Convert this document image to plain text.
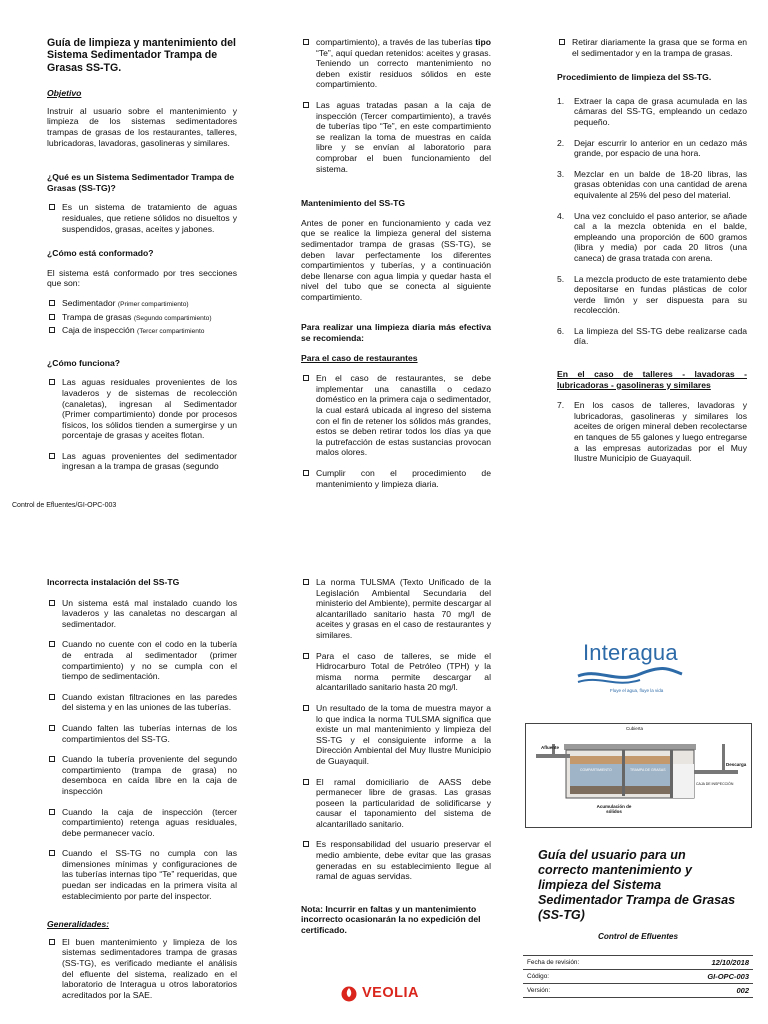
Guía de limpieza y mantenimiento del Sistema Sedimentador Trampa de Grasas SS-TG.
Objetivo

Instruir al usuario sobre el mantenimiento y limpieza de los sistemas sedimentadores trampas de grasas de los restaurantes, talleres, lubricadoras, lavadoras, gasolineras y similares.

¿Qué es un Sistema Sedimentador Trampa de Grasas (SS-TG)?
Es un sistema de tratamiento de aguas residuales, que retiene sólidos no disueltos y suspendidos, grasas, aceites y jabones.
¿Cómo está conformado?

El sistema está conformado por tres secciones que son:

Sedimentador (Primer compartimiento)
Trampa de grasas (Segundo compartimiento)
Caja de inspección (Tercer compartimiento
¿Cómo funciona?
Las aguas residuales provenientes de los lavaderos y de sistemas de recolección (canaletas), ingresan al Sedimentador (Primer compartimiento) donde por procesos físicos, los sólidos tienden a sumergirse y un porcentaje de grasas y aceites flotan.
Las aguas provenientes del sedimentador ingresan a la trampa de grasas (segundo
Control de Efluentes/GI-OPC-003
compartimiento), a través de las tuberías tipo “Te”, aquí quedan retenidos: aceites y grasas. Teniendo un correcto mantenimiento no deben existir residuos sólidos en este compartimiento.
Las aguas tratadas pasan a la caja de inspección (Tercer compartimiento), a través de tuberías tipo “Te”, en este compartimiento se realizan la toma de muestras en caída libre y se envían al laboratorio para comprobar el buen funcionamiento del sistema.
Mantenimiento del SS-TG

Antes de poner en funcionamiento y cada vez que se realice la limpieza general del sistema sedimentador trampa de grasas (SS-TG), se deben lavar perfectamente los diferentes compartimientos y tuberías, y a continuación debe llenarse con agua limpia y quedar hasta el nivel del tubo que se conecta al siguiente compartimiento.

Para realizar una limpieza diaria más efectiva se recomienda:
Para el caso de restaurantes
En el caso de restaurantes, se debe implementar una canastilla o cedazo doméstico en la primera caja o sedimentador, la cual estará ubicada al ingreso del sistema con el fin de retener los sólidos más grandes, estos se deben retirar todos los días ya que la putrefacción de estas sustancias provocan malos olores.
Cumplir con el procedimiento de mantenimiento y limpieza diaria.
Retirar diariamente la grasa que se forma en el sedimentador y en la trampa de grasas.
Procedimiento de limpieza del SS-TG.
1. Extraer la capa de grasa acumulada en las cámaras del SS-TG, empleando un cedazo pequeño.
2. Dejar escurrir lo anterior en un cedazo más grande, por espacio de una hora.
3. Mezclar en un balde de 18-20 libras, las grasas obtenidas con una cantidad de arena equivalente al 25% del peso del material.
4. Una vez concluido el paso anterior, se añade cal a la mezcla obtenida en el balde, empleando una proporción de 600 gramos (libra y media) por cada 20 litros (una caneca) de grasa tratada con arena.
5. La mezcla producto de este tratamiento debe depositarse en fundas plásticas de color verde limón y ser dispuesta para su recolección.
6. La limpieza del SS-TG debe realizarse cada día.
En el caso de talleres - lavadoras - lubricadoras - gasolineras y similares
7. En los casos de talleres, lavadoras y lubricadoras, gasolineras y similares los aceites de origen mineral deben recolectarse en tanques de 55 galones y luego entregarse a las empresas autorizadas por el Muy Ilustre Municipio de Guayaquil.
Incorrecta instalación del SS-TG
Un sistema está mal instalado cuando los lavaderos y las canaletas no descargan al sedimentador.
Cuando no cuente con el codo en la tubería de entrada al sedimentador (primer compartimiento) y no se cumpla con el tiempo de sedimentación.
Cuando existan filtraciones en las paredes del sistema y en las uniones de las tuberías.
Cuando falten las tuberías internas de los compartimientos del SS-TG.
Cuando la tubería proveniente del segundo compartimiento (trampa de grasa) no desemboca en caída libre en la caja de inspección
Cuando la caja de inspección (tercer compartimiento) retenga aguas residuales, debe permanecer vacío.
Cuando el SS-TG no cumpla con las dimensiones mínimas y configuraciones de las tuberías internas tipo “Te” requeridas, que puedan ser indicadas en la primera visita al establecimiento por parte del inspector.
Generalidades:
El buen mantenimiento y limpieza de los sistemas sedimentadores trampa de grasas (SS-TG), es verificado mediante el análisis del efluente del sistema, realizado en el laboratorio de Interagua u otros laboratorios acreditados por la SAE.
La norma TULSMA (Texto Unificado de la Legislación Ambiental Secundaria del ministerio del Ambiente), permite descargar al alcantarillado sanitario hasta 70 mg/l de aceites y grasas en el caso de restaurantes y similares.
Para el caso de talleres, se mide el Hidrocarburo Total de Petróleo (TPH) y la misma norma permite descargar al alcantarillado sanitario hasta 20 mg/l.
Un resultado de la toma de muestra mayor a lo que indica la norma TULSMA significa que existe un mal mantenimiento y limpieza del SS-TG y el consiguiente informe a la Dirección Ambiental del Muy Ilustre Municipio de Guayaquil.
El ramal domiciliario de AASS debe permanecer libre de grasas. Las grasas poseen la particularidad de solidificarse y causar el taponamiento del sistema de alcantarillado sanitario.
Es responsabilidad del usuario preservar el medio ambiente, debe evitar que las grasas generadas en su establecimiento llegue al ramal de aguas servidas.
Nota: Incurrir en faltas y un mantenimiento incorrecto ocasionarán la no expedición del certificado.
VEOLIA
Interagua
Fluye el agua, fluye la vida
Cubierta
Afluente
Descarga
COMPARTIMIENTO	TRAMPA DE GRASAS
CAJA DE INSPECCIÓN
Acumulación de sólidos
Guía del usuario para un correcto mantenimiento y limpieza del Sistema Sedimentador Trampa de Grasas (SS-TG)
Control de Efluentes
Fecha de revisión:	12/10/2018
Código:	GI-OPC-003
Versión:	002
